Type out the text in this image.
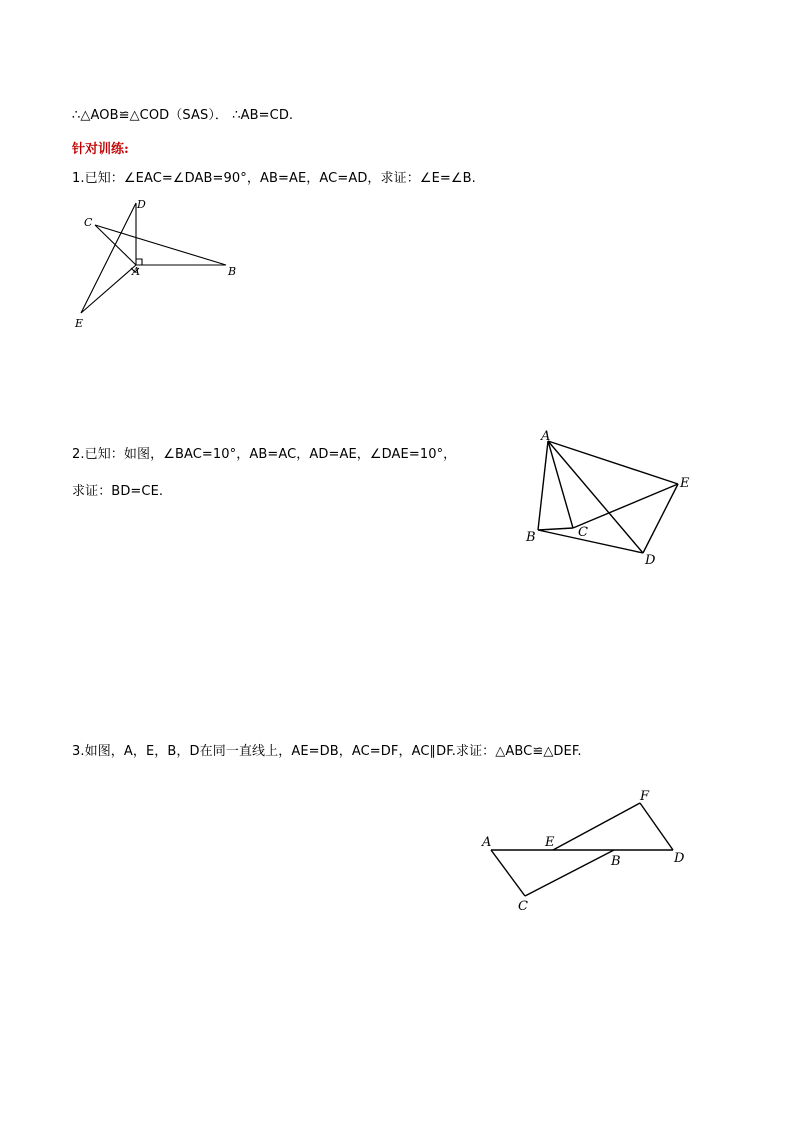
∴△AOB≌△COD（SAS）． ∴AB=CD.
针对训练:
1.已知：∠EAC=∠DAB=90°，AB=AE，AC=AD，求证：∠E=∠B.
C
D
A	B
E
A
E
B	C
D
F
A	E
B	D
C
2.已知：如图，∠BAC=10°，AB=AC，AD=AE，∠DAE=10°，
求证：BD=CE.
3.如图，A，E，B，D在同一直线上，AE=DB，AC=DF，AC∥DF.求证：△ABC≌△DEF.
